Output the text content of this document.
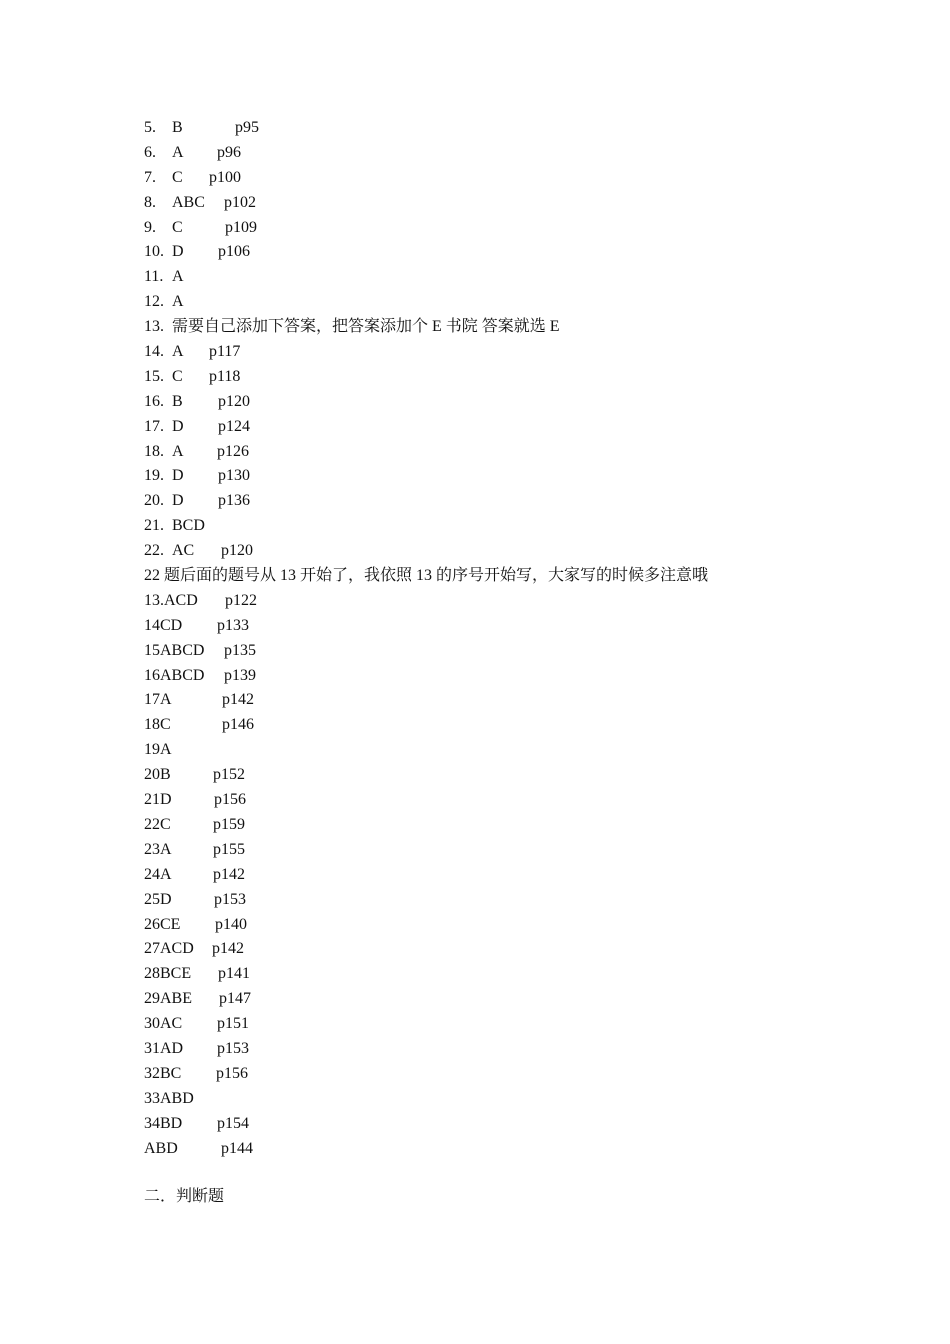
5. B	p95
6. A p96
7. C p100
8. ABC p102
9. C	p109
10. D p106
11. A
12. A
13. 需要自己添加下答案，把答案添加个 E 书院 答案就选 E
14. A p117
15. C p118
16. B p120
17. D p124
18. A p126
19. D p130
20. D p136
21. BCD
22. AC p120
22 题后面的题号从 13 开始了，我依照 13 的序号开始写，大家写的时候多注意哦
13.ACD p122
14CD p133
15ABCD p135
16ABCD p139
17A	p142
18C	p146
19A
20B	p152
21D	p156
22C	p159
23A	p155
24A	p142
25D	p153
26CE p140
27ACD p142
28BCE p141
29ABE p147
30AC p151
31AD p153
32BC p156
33ABD
34BD p154
ABD	p144
二．判断题
